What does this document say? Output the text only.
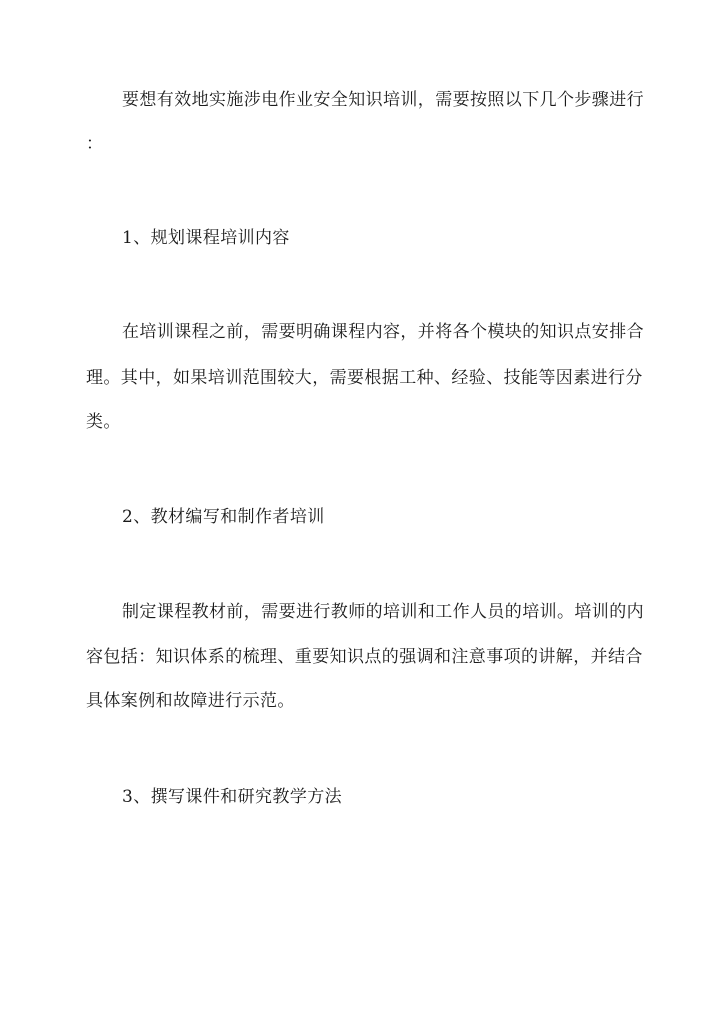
要想有效地实施涉电作业安全知识培训，需要按照以下几个步骤进行
：
1、规划课程培训内容
在培训课程之前，需要明确课程内容，并将各个模块的知识点安排合
理。其中，如果培训范围较大，需要根据工种、经验、技能等因素进行分
类。
2、教材编写和制作者培训
制定课程教材前，需要进行教师的培训和工作人员的培训。培训的内
容包括：知识体系的梳理、重要知识点的强调和注意事项的讲解，并结合
具体案例和故障进行示范。
3、撰写课件和研究教学方法
